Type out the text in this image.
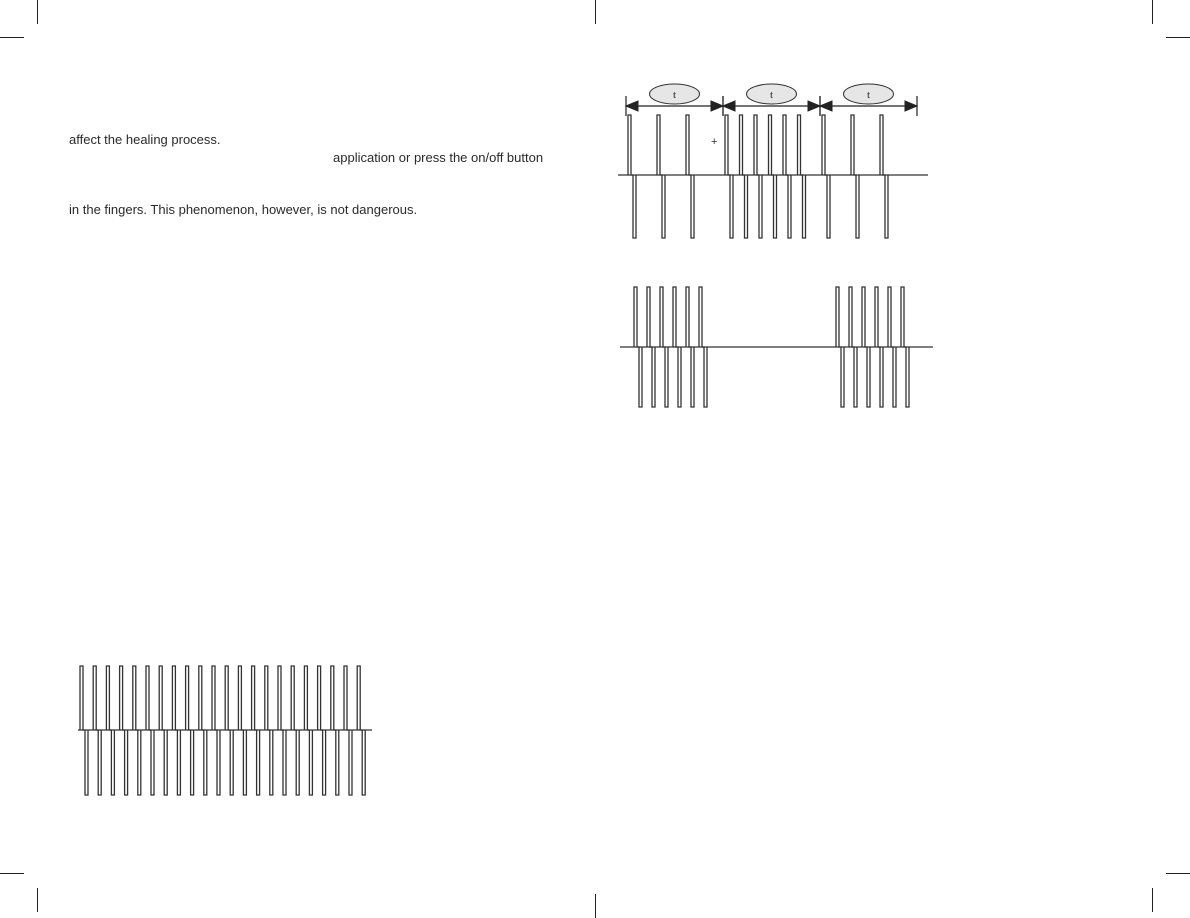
affect the healing process.
application or press the on/off button
in the fingers. This phenomenon, however, is not dangerous.
t	t	t
+
